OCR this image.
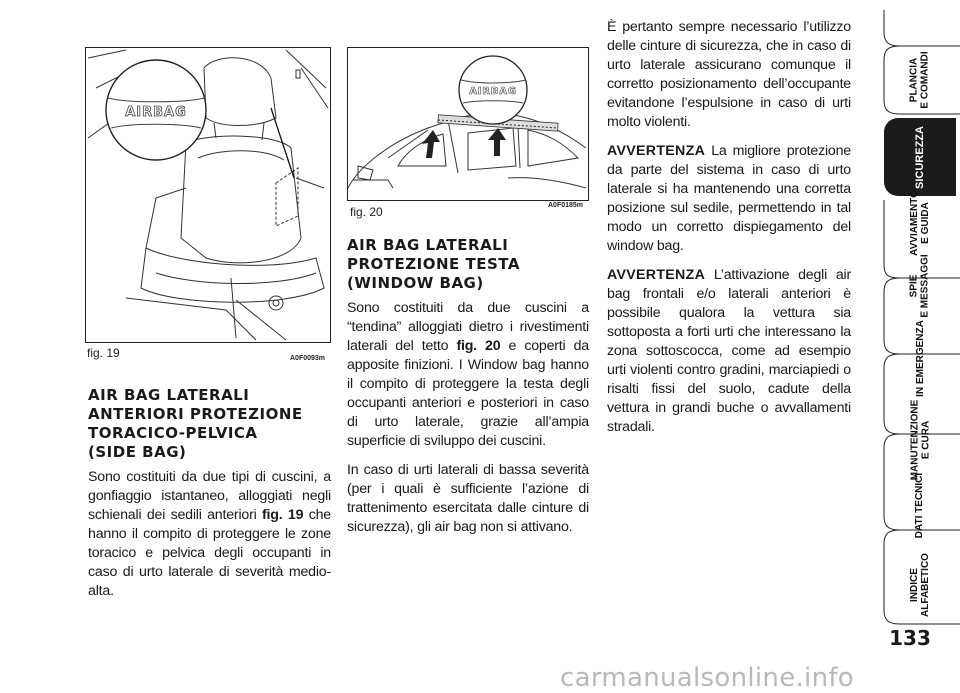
AIRBAG
fig. 19	A0F0093m
AIRBAG
fig. 20	A0F0185m
AIR BAG LATERALI
ANTERIORI PROTEZIONE
TORACICO-PELVICA
(SIDE BAG)

Sono costituiti da due tipi di cuscini, a gonfiaggio istantaneo, alloggiati negli schienali dei sedili anteriori fig. 19 che hanno il compito di proteggere le zone toracico e pelvica degli occupanti in caso di urto laterale di severità medio-alta.

AIR BAG LATERALI
PROTEZIONE TESTA
(WINDOW BAG)

Sono costituiti da due cuscini a “tendina” alloggiati dietro i rivestimenti laterali del tetto fig. 20 e coperti da apposite finizioni. I Window bag hanno il compito di proteggere la testa degli occupanti anteriori e posteriori in caso di urto laterale, grazie all’ampia superficie di sviluppo dei cuscini.

In caso di urti laterali di bassa severità (per i quali è sufficiente l’azione di trattenimento esercitata dalle cinture di sicurezza), gli air bag non si attivano.

È pertanto sempre necessario l’utilizzo delle cinture di sicurezza, che in caso di urto laterale assicurano comunque il corretto posizionamento dell’occupante evitandone l’espulsione in caso di urti molto violenti.

AVVERTENZA La migliore protezione da parte del sistema in caso di urto laterale si ha mantenendo una corretta posizione sul sedile, permettendo in tal modo un corretto dispiegamento del window bag.

AVVERTENZA L’attivazione degli air bag frontali e/o laterali anteriori è possibile qualora la vettura sia sottoposta a forti urti che interessano la zona sottoscocca, come ad esempio urti violenti contro gradini, marciapiedi o risalti fissi del suolo, cadute della vettura in grandi buche o avvallamenti stradali.

PLANCIA
E COMANDI
SICUREZZA
AVVIAMENTO
E GUIDA
SPIE
E MESSAGGI
IN EMERGENZA
MANUTENZIONE
E CURA
DATI TECNICI
INDICE
ALFABETICO
133
carmanualsonline.info
